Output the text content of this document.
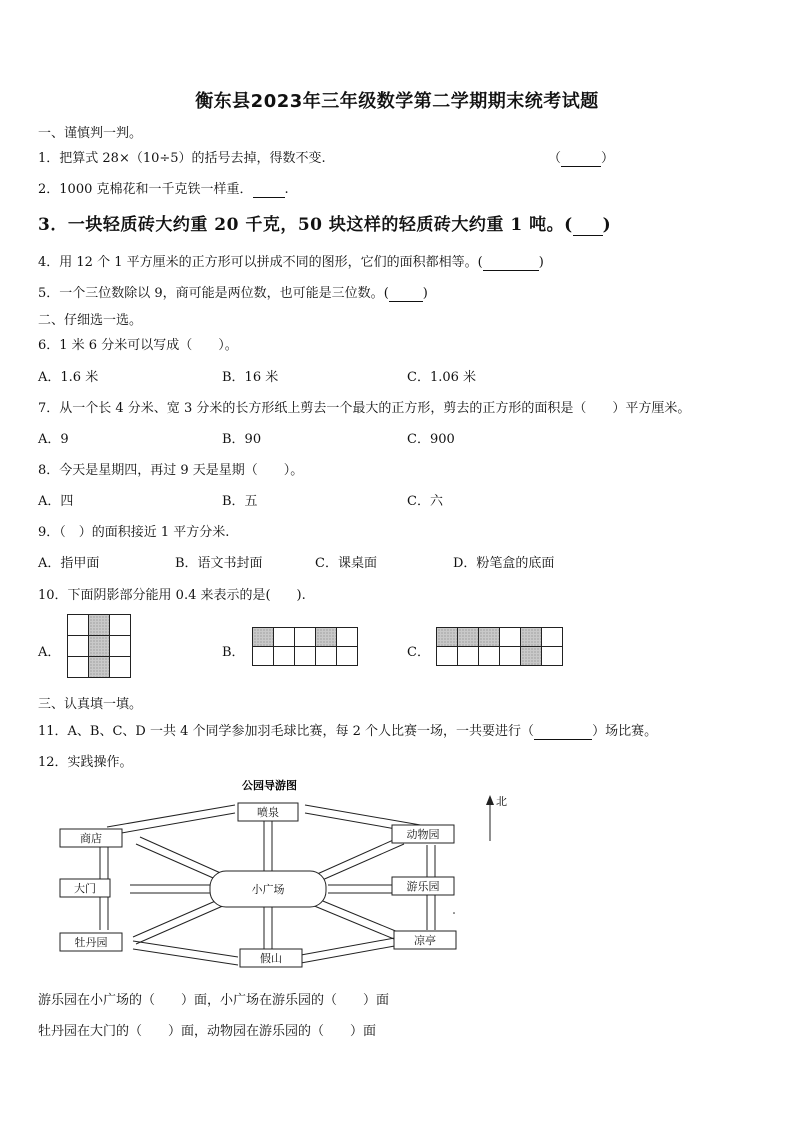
衡东县2023年三年级数学第二学期期末统考试题
一、谨慎判一判。
1．把算式 28×（10÷5）的括号去掉，得数不变.	（	）
2．1000 克棉花和一千克铁一样重． .
3．一块轻质砖大约重 20 千克，50 块这样的轻质砖大约重 1 吨。( )
4．用 12 个 1 平方厘米的正方形可以拼成不同的图形，它们的面积都相等。(	)
5．一个三位数除以 9，商可能是两位数，也可能是三位数。(	)
二、仔细选一选。
6．1 米 6 分米可以写成（　　）。
A．1.6 米	B．16 米	C．1.06 米
7．从一个长 4 分米、宽 3 分米的长方形纸上剪去一个最大的正方形，剪去的正方形的面积是（　　）平方厘米。
A．9	B．90	C．900
8．今天是星期四，再过 9 天是星期（　　）。
A．四	B．五	C．六
9．（　）的面积接近 1 平方分米.
A．指甲面	B．语文书封面	C．课桌面	D．粉笔盒的底面
10．下面阴影部分能用 0.4 来表示的是(　　).
A．

			B．

					C．

三、认真填一填。
11．A、B、C、D 一共 4 个同学参加羽毛球比赛，每 2 个人比赛一场，一共要进行（	）场比赛。
12．实践操作。
公园导游图
喷泉
商店	动物园
大门	小广场	游乐园
牡丹园
假山
凉亭
北
游乐园在小广场的（　　）面，小广场在游乐园的（　　）面
牡丹园在大门的（　　）面，动物园在游乐园的（　　）面
